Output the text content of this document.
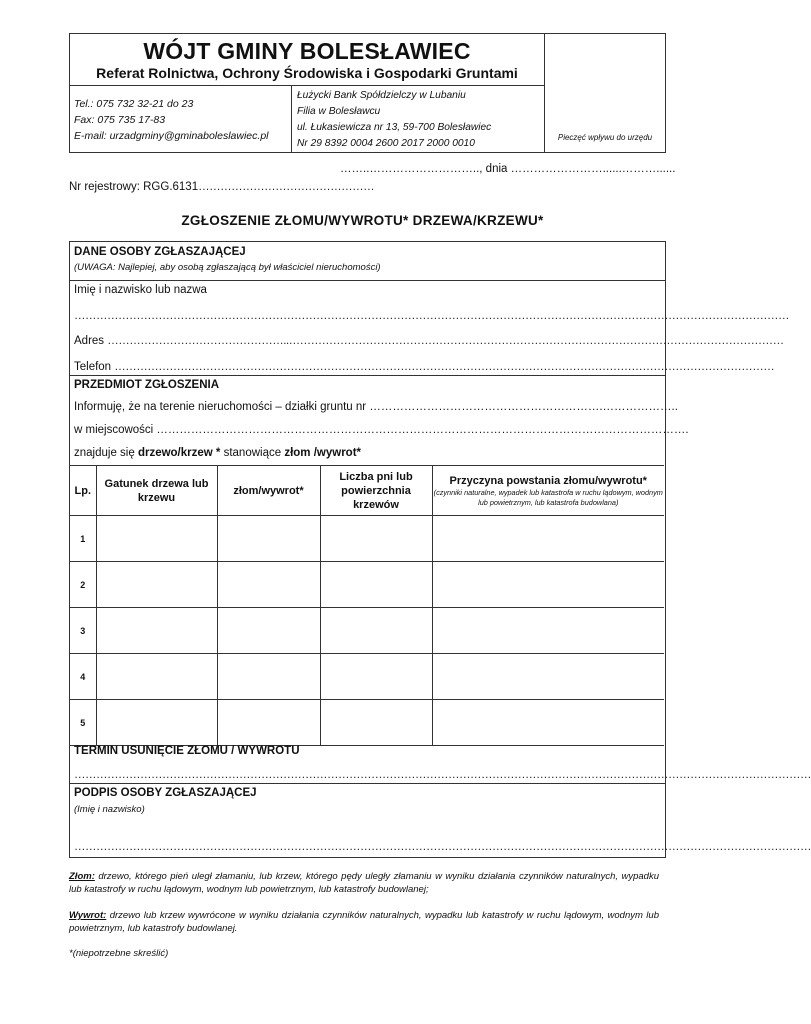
WÓJT GMINY BOLESŁAWIEC
Referat Rolnictwa, Ochrony Środowiska i Gospodarki Gruntami
Tel.: 075 732 32-21 do 23
Fax: 075 735 17-83
E-mail: urzadgminy@gminaboleslawiec.pl
Łużycki Bank Spółdzielczy w Lubaniu
Filia w Bolesławcu
ul. Łukasiewicza nr 13, 59-700 Bolesławiec
Nr 29 8392 0004 2600 2017 2000 0010
Pieczęć wpływu do urzędu
……..……………………….., dnia ……………………......………......
Nr rejestrowy: RGG.6131…………………………………………
ZGŁOSZENIE ZŁOMU/WYWROTU* DRZEWA/KRZEWU*
DANE OSOBY ZGŁASZAJĄCEJ
(UWAGA: Najlepiej, aby osobą zgłaszającą był właściciel nieruchomości)
Imię i nazwisko lub nazwa
……………………………………………………………………………………………………………………………………………………………………………
Adres …………………………………………..………………………………………………………………………………………………………………………
Telefon ………………………………………………………………………………………………………………………………………………………………
PRZEDMIOT ZGŁOSZENIA
Informuję, że na terenie nieruchomości – działki gruntu nr …………………………………………………….………………..
w miejscowości ………………………………………………………………………………………………………………………….
znajduje się drzewo/krzew * stanowiące złom /wywrot*
Lp.	Gatunek drzewa lub krzewu	złom/wywrot*	Liczba pni lub powierzchnia krzewów	Przyczyna powstania złomu/wywrotu*
(czynniki naturalne, wypadek lub katastrofa w ruchu lądowym, wodnym lub powietrznym, lub katastrofa budowlana)

1				
2				
3				
4				
5				
TERMIN USUNIĘCIE ZŁOMU / WYWROTU
…………………………………………………………………………………………………………………………………………………………………………………
PODPIS OSOBY ZGŁASZAJĄCEJ
(Imię i nazwisko)
…………………………………………………………………………………………………………………………………………………………………………………
Złom: drzewo, którego pień uległ złamaniu, lub krzew, którego pędy uległy złamaniu w wyniku działania czynników naturalnych, wypadku lub katastrofy w ruchu lądowym, wodnym lub powietrznym, lub katastrofy budowlanej;
Wywrot: drzewo lub krzew wywrócone w wyniku działania czynników naturalnych, wypadku lub katastrofy w ruchu lądowym, wodnym lub powietrznym, lub katastrofy budowlanej.
*(niepotrzebne skreślić)
